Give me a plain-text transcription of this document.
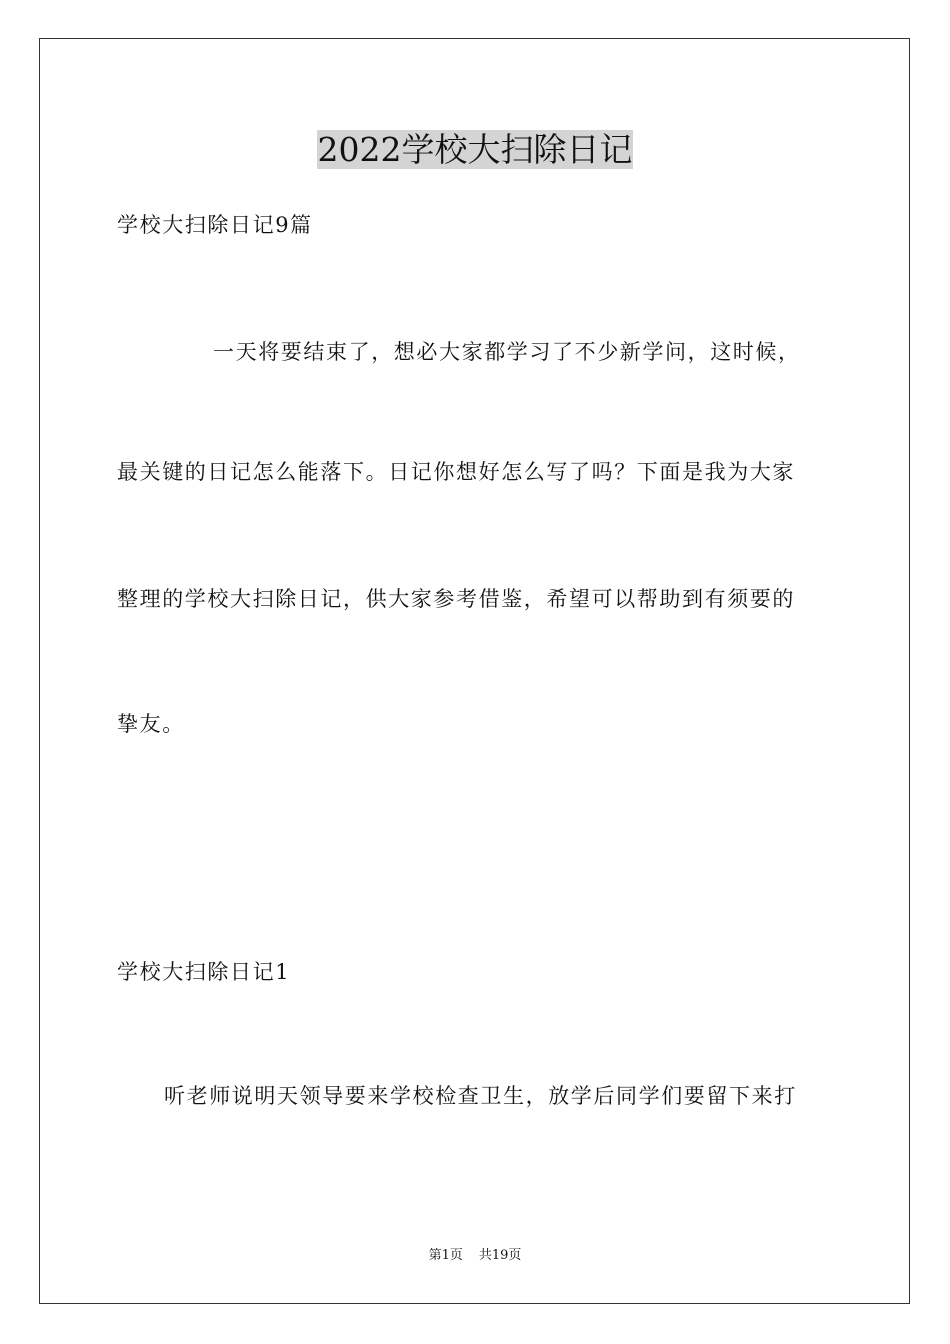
2022学校大扫除日记
学校大扫除日记9篇
一天将要结束了，想必大家都学习了不少新学问，这时候，
最关键的日记怎么能落下。日记你想好怎么写了吗？下面是我为大家
整理的学校大扫除日记，供大家参考借鉴，希望可以帮助到有须要的
挚友。
学校大扫除日记1
听老师说明天领导要来学校检查卫生，放学后同学们要留下来打
第1页 共19页
